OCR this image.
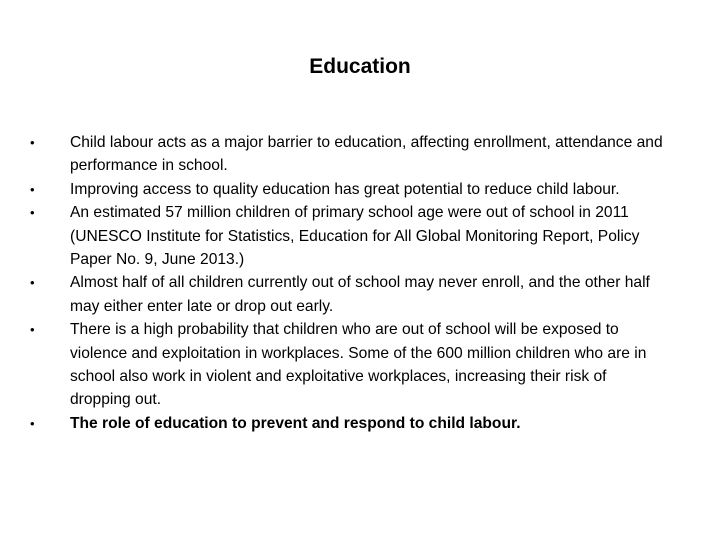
Education
•	Child labour acts as a major barrier to education, affecting enrollment, attendance and performance in school.
•	Improving access to quality education has great potential to reduce child labour.
•	An estimated 57 million children of primary school age were out of school in 2011 (UNESCO Institute for Statistics, Education for All Global Monitoring Report, Policy Paper No. 9, June 2013.)
•	Almost half of all children currently out of school may never enroll, and the other half may either enter late or drop out early.
•	There is a high probability that children who are out of school will be exposed to violence and exploitation in workplaces. Some of the 600 million children who are in school also work in violent and exploitative workplaces, increasing their risk of dropping out.
•	The role of education to prevent and respond to child labour.
